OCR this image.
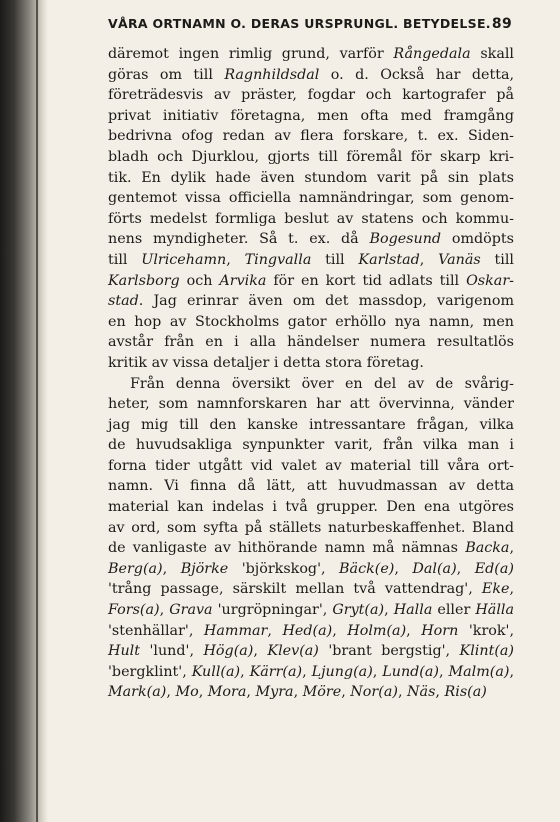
VÅRA ORTNAMN O. DERAS URSPRUNGL. BETYDELSE. 89
däremot ingen rimlig grund, varför Rångedala skall
göras om till Ragnhildsdal o. d. Också har detta,
företrädesvis av präster, fogdar och kartografer på
privat initiativ företagna, men ofta med framgång
bedrivna ofog redan av flera forskare, t. ex. Siden-
bladh och Djurklou, gjorts till föremål för skarp kri-
tik. En dylik hade även stundom varit på sin plats
gentemot vissa officiella namnändringar, som genom-
förts medelst formliga beslut av statens och kommu-
nens myndigheter. Så t. ex. då Bogesund omdöpts
till Ulricehamn, Tingvalla till Karlstad, Vanäs till
Karlsborg och Arvika för en kort tid adlats till Oskar-
stad. Jag erinrar även om det massdop, varigenom
en hop av Stockholms gator erhöllo nya namn, men
avstår från en i alla händelser numera resultatlös
kritik av vissa detaljer i detta stora företag.
Från denna översikt över en del av de svårig-
heter, som namnforskaren har att övervinna, vänder
jag mig till den kanske intressantare frågan, vilka
de huvudsakliga synpunkter varit, från vilka man i
forna tider utgått vid valet av material till våra ort-
namn. Vi finna då lätt, att huvudmassan av detta
material kan indelas i två grupper. Den ena utgöres
av ord, som syfta på ställets naturbeskaffenhet. Bland
de vanligaste av hithörande namn må nämnas Backa,
Berg(a), Björke 'björkskog', Bäck(e), Dal(a), Ed(a)
'trång passage, särskilt mellan två vattendrag', Eke,
Fors(a), Grava 'urgröpningar', Gryt(a), Halla eller Hälla
'stenhällar', Hammar, Hed(a), Holm(a), Horn 'krok',
Hult 'lund', Hög(a), Klev(a) 'brant bergstig', Klint(a)
'bergklint', Kull(a), Kärr(a), Ljung(a), Lund(a), Malm(a),
Mark(a), Mo, Mora, Myra, Möre, Nor(a), Näs, Ris(a)
